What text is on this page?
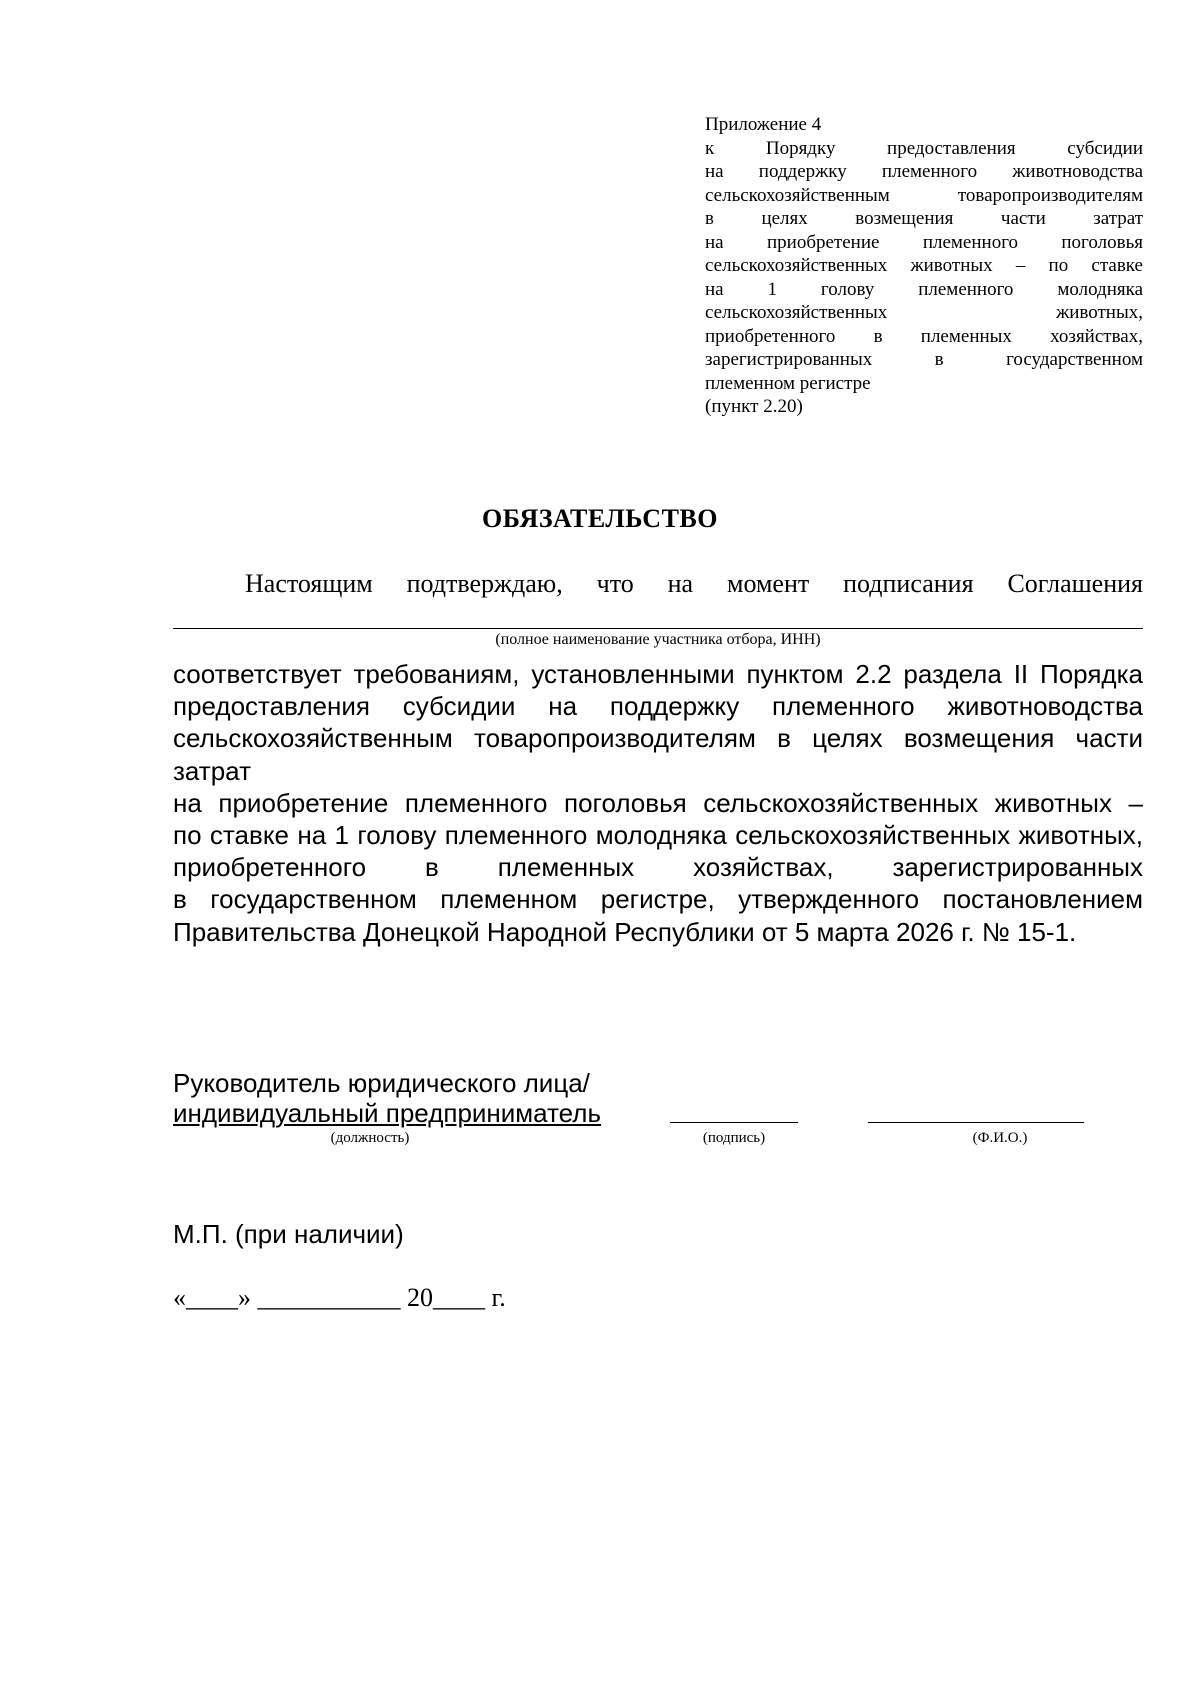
Приложение 4
к Порядку предоставления субсидии
на поддержку племенного животноводства
сельскохозяйственным товаропроизводителям
в целях возмещения части затрат
на приобретение племенного поголовья
сельскохозяйственных животных – по ставке
на 1 голову племенного молодняка
сельскохозяйственных животных,
приобретенного в племенных хозяйствах,
зарегистрированных в государственном
племенном регистре
(пункт 2.20)
ОБЯЗАТЕЛЬСТВО
Настоящим подтверждаю, что на момент подписания Соглашения
(полное наименование участника отбора, ИНН)
соответствует требованиям, установленными пунктом 2.2 раздела II Порядка
предоставления субсидии на поддержку племенного животноводства
сельскохозяйственным товаропроизводителям в целях возмещения части затрат
на приобретение племенного поголовья сельскохозяйственных животных –
по ставке на 1 голову племенного молодняка сельскохозяйственных животных,
приобретенного в племенных хозяйствах, зарегистрированных
в государственном племенном регистре, утвержденного постановлением
Правительства Донецкой Народной Республики от 5 марта 2026 г. № 15-1.
Руководитель юридического лица/
индивидуальный предприниматель
(должность)	(подпись)	(Ф.И.О.)
М.П. (при наличии)
«____» ___________ 20____ г.
